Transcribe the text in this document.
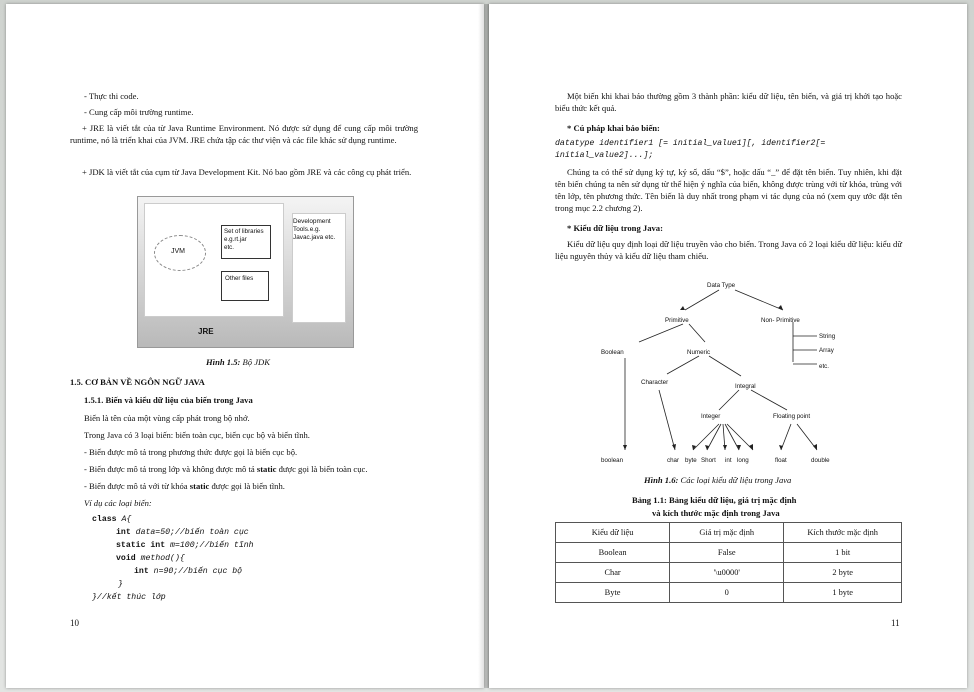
- Thực thi code.
- Cung cấp môi trường runtime.
+ JRE là viết tắt của từ Java Runtime Environment. Nó được sử dụng để cung cấp môi trường runtime, nó là triển khai của JVM. JRE chứa tập các thư viện và các file khác sử dụng runtime.
+ JDK là viết tắt của cụm từ Java Development Kit. Nó bao gồm JRE và các công cụ phát triển.
JVM
Set of libraries
e.g.rt.jar
etc.
Other files
Development
Tools.e.g.
Javac.java etc.
JRE
Hình 1.5: Bộ JDK
1.5. CƠ BẢN VỀ NGÔN NGỮ JAVA
1.5.1. Biến và kiểu dữ liệu của biến trong Java
Biến là tên của một vùng cấp phát trong bộ nhớ.
Trong Java có 3 loại biến: biến toàn cục, biến cục bộ và biến tĩnh.
- Biến được mô tả trong phương thức được gọi là biến cục bộ.
- Biến được mô tả trong lớp và không được mô tả static được gọi là biến toàn cục.
- Biến được mô tả với từ khóa static được gọi là biến tĩnh.
Ví dụ các loại biến:
class A{
int data=50;//biến toàn cục
static int m=100;//biến tĩnh
void method(){
int n=90;//biến cục bộ
}
}//kết thúc lớp
10
Một biến khi khai báo thường gồm 3 thành phần: kiểu dữ liệu, tên biến, và giá trị khởi tạo hoặc biểu thức kết quả.
* Cú pháp khai báo biến:
datatype identifier1 [= initial_value1][, identifier2[=
initial_value2]...];
Chúng ta có thể sử dụng ký tự, ký số, dấu “$”, hoặc dấu “_” để đặt tên biến. Tuy nhiên, khi đặt tên biến chúng ta nên sử dụng từ thể hiện ý nghĩa của biến, không được trùng với từ khóa, trùng với tên lớp, tên phương thức. Tên biến là duy nhất trong phạm vi tác dụng của nó (xem quy ước đặt tên trong mục 2.2 chương 2).
* Kiểu dữ liệu trong Java:
Kiểu dữ liệu quy định loại dữ liệu truyền vào cho biến. Trong Java có 2 loại kiểu dữ liệu: kiểu dữ liệu nguyên thủy và kiểu dữ liệu tham chiếu.
Data Type
Primitive	Non- Primitive
String
Array
etc.
Boolean	Numeric
Character
Integral
Integer	Floating point
boolean	char byte Short int long	float	double
Hình 1.6: Các loại kiểu dữ liệu trong Java
Bảng 1.1: Bảng kiểu dữ liệu, giá trị mặc định
và kích thước mặc định trong Java
Kiểu dữ liệu	Giá trị mặc định	Kích thước mặc định
Boolean	False	1 bit
Char	'\u0000'	2 byte
Byte	0	1 byte
11
